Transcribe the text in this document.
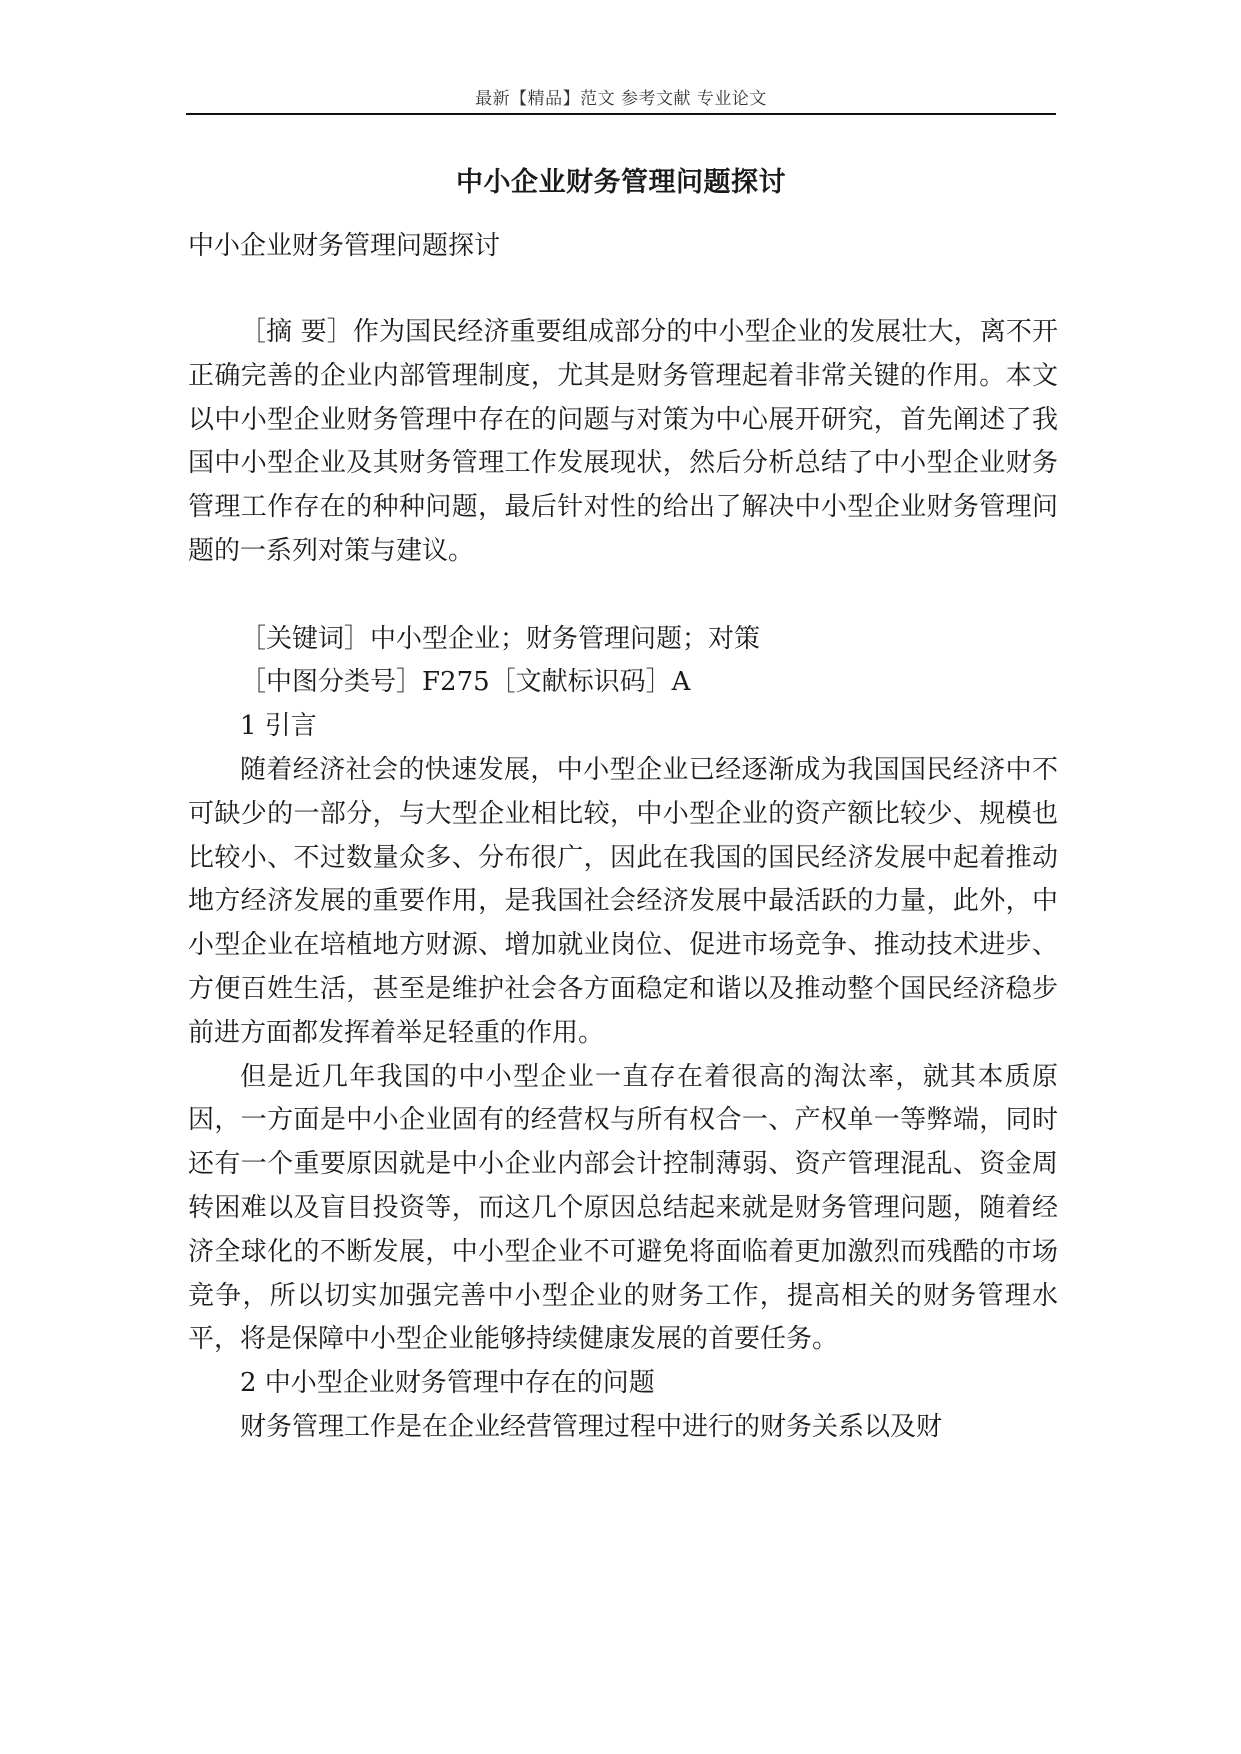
最新【精品】范文 参考文献 专业论文
中小企业财务管理问题探讨
中小企业财务管理问题探讨

［摘 要］作为国民经济重要组成部分的中小型企业的发展壮大，离不开正确完善的企业内部管理制度，尤其是财务管理起着非常关键的作用。本文以中小型企业财务管理中存在的问题与对策为中心展开研究，首先阐述了我国中小型企业及其财务管理工作发展现状，然后分析总结了中小型企业财务管理工作存在的种种问题，最后针对性的给出了解决中小型企业财务管理问题的一系列对策与建议。

［关键词］中小型企业；财务管理问题；对策

［中图分类号］F275［文献标识码］A

1 引言

随着经济社会的快速发展，中小型企业已经逐渐成为我国国民经济中不可缺少的一部分，与大型企业相比较，中小型企业的资产额比较少、规模也比较小、不过数量众多、分布很广，因此在我国的国民经济发展中起着推动地方经济发展的重要作用，是我国社会经济发展中最活跃的力量，此外，中小型企业在培植地方财源、增加就业岗位、促进市场竞争、推动技术进步、方便百姓生活，甚至是维护社会各方面稳定和谐以及推动整个国民经济稳步前进方面都发挥着举足轻重的作用。

但是近几年我国的中小型企业一直存在着很高的淘汰率，就其本质原因，一方面是中小企业固有的经营权与所有权合一、产权单一等弊端，同时还有一个重要原因就是中小企业内部会计控制薄弱、资产管理混乱、资金周转困难以及盲目投资等，而这几个原因总结起来就是财务管理问题，随着经济全球化的不断发展，中小型企业不可避免将面临着更加激烈而残酷的市场竞争，所以切实加强完善中小型企业的财务工作，提高相关的财务管理水平，将是保障中小型企业能够持续健康发展的首要任务。

2 中小型企业财务管理中存在的问题

财务管理工作是在企业经营管理过程中进行的财务关系以及财
